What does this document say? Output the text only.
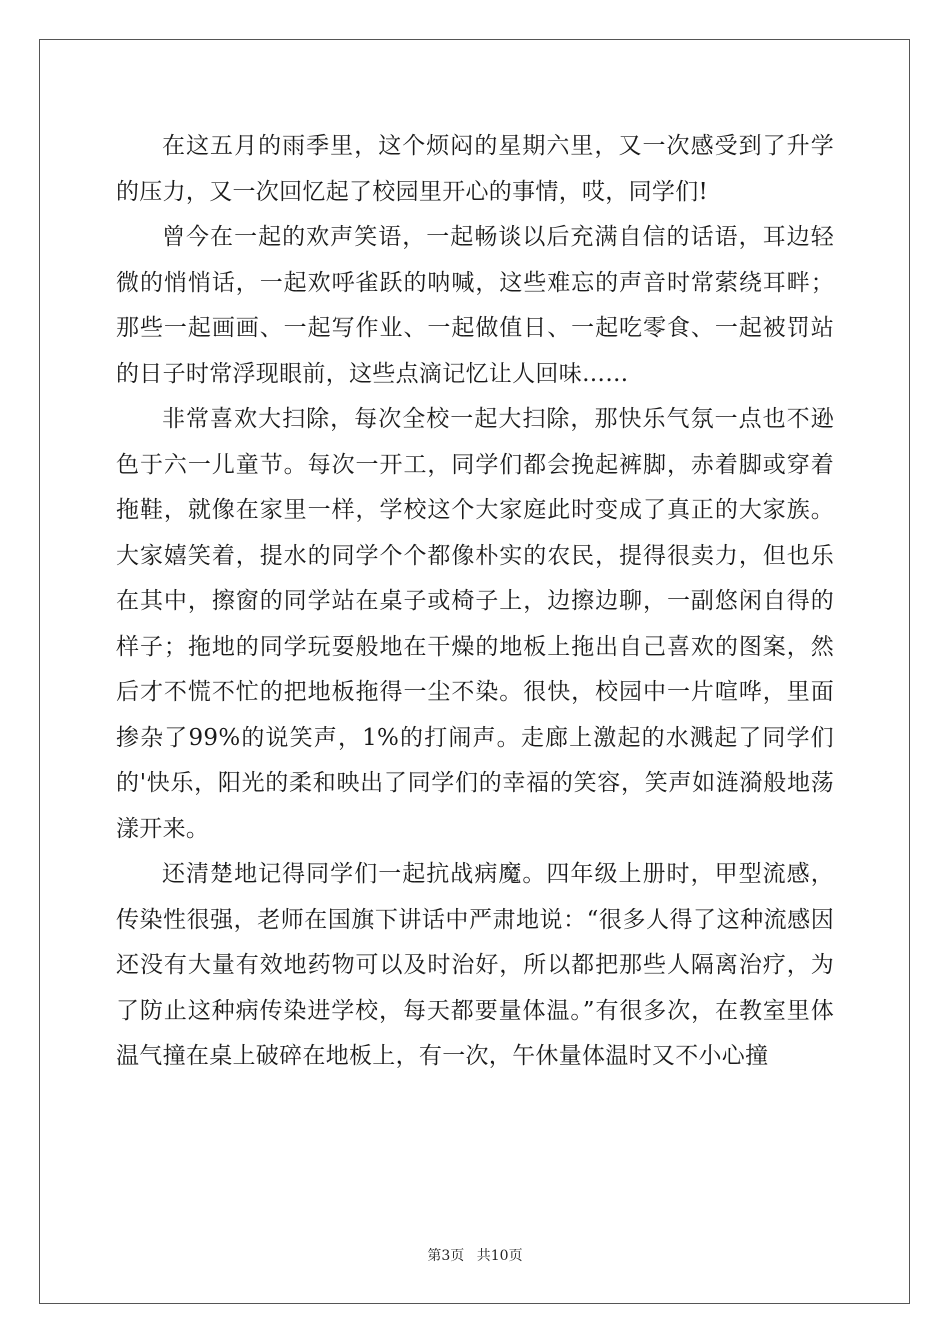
在这五月的雨季里，这个烦闷的星期六里，又一次感受到了升学的压力，又一次回忆起了校园里开心的事情，哎，同学们!

曾今在一起的欢声笑语，一起畅谈以后充满自信的话语，耳边轻微的悄悄话，一起欢呼雀跃的呐喊，这些难忘的声音时常萦绕耳畔；那些一起画画、一起写作业、一起做值日、一起吃零食、一起被罚站的日子时常浮现眼前，这些点滴记忆让人回味……

非常喜欢大扫除，每次全校一起大扫除，那快乐气氛一点也不逊色于六一儿童节。每次一开工，同学们都会挽起裤脚，赤着脚或穿着拖鞋，就像在家里一样，学校这个大家庭此时变成了真正的大家族。大家嬉笑着，提水的同学个个都像朴实的农民，提得很卖力，但也乐在其中，擦窗的同学站在桌子或椅子上，边擦边聊，一副悠闲自得的样子；拖地的同学玩耍般地在干燥的地板上拖出自己喜欢的图案，然后才不慌不忙的把地板拖得一尘不染。很快，校园中一片喧哗，里面掺杂了99%的说笑声，1%的打闹声。走廊上激起的水溅起了同学们的'快乐，阳光的柔和映出了同学们的幸福的笑容，笑声如涟漪般地荡漾开来。

还清楚地记得同学们一起抗战病魔。四年级上册时，甲型流感，传染性很强，老师在国旗下讲话中严肃地说：“很多人得了这种流感因还没有大量有效地药物可以及时治好，所以都把那些人隔离治疗，为了防止这种病传染进学校，每天都要量体温。”有很多次，在教室里体温气撞在桌上破碎在地板上，有一次，午休量体温时又不小心撞

第3页 共10页
